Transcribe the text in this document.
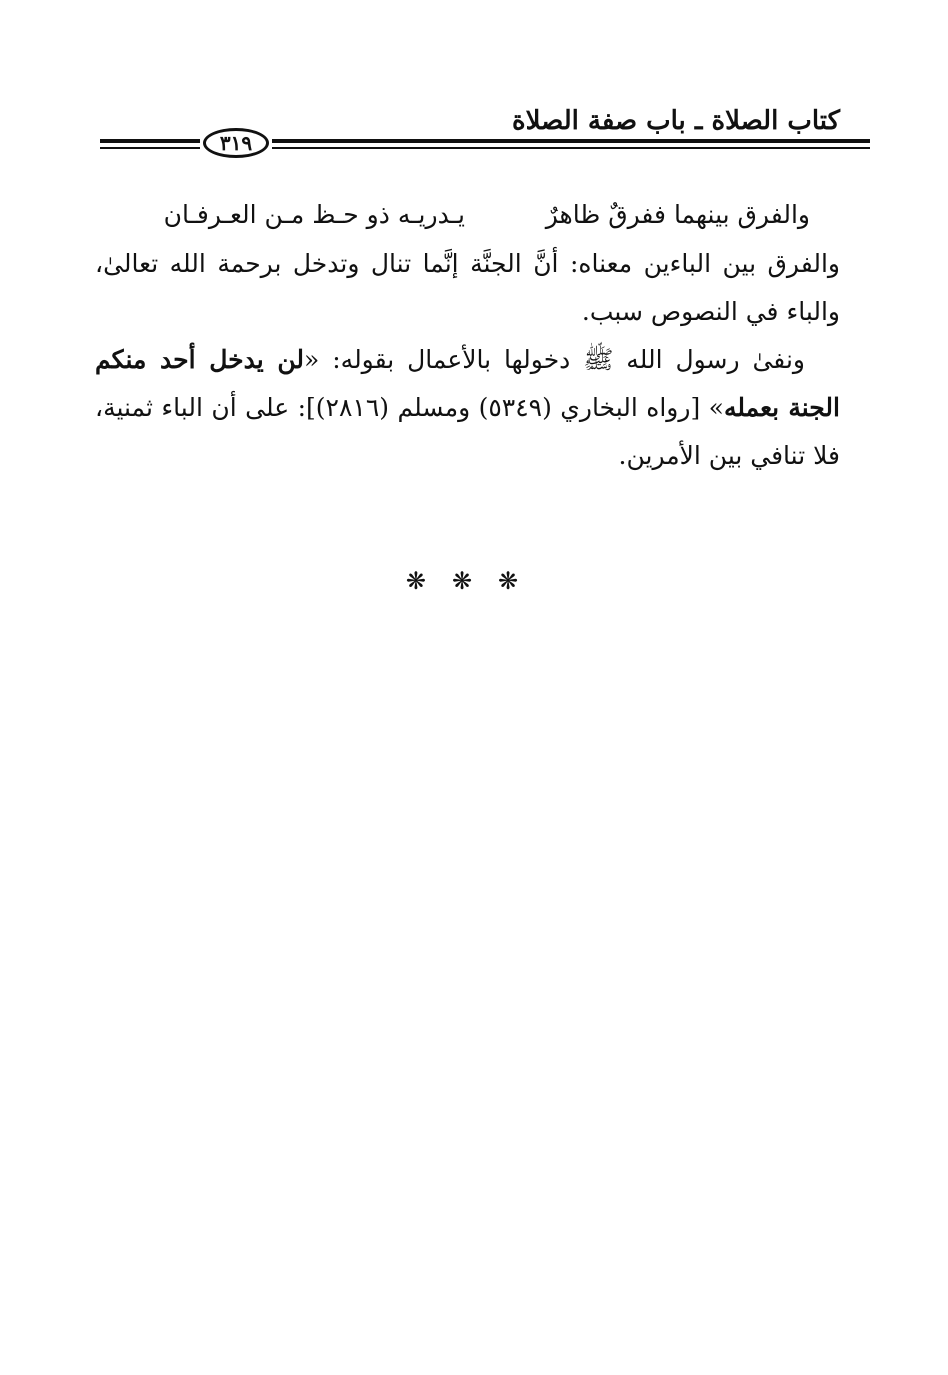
كتاب الصلاة ـ باب صفة الصلاة
٣١٩
والفرق بينهما ففرقٌ ظاهرٌ
يـدريـه ذو حـظ مـن العـرفـان

والفرق بين الباءين معناه: أنَّ الجنَّة إنَّما تنال وتدخل برحمة الله تعالىٰ، والباء في النصوص سبب.

ونفىٰ رسول الله ﷺ دخولها بالأعمال بقوله: «لن يدخل أحد منكم الجنة بعمله» [رواه البخاري (٥٣٤٩) ومسلم (٢٨١٦)]: على أن الباء ثمنية، فلا تنافي بين الأمرين.

❋❋❋
